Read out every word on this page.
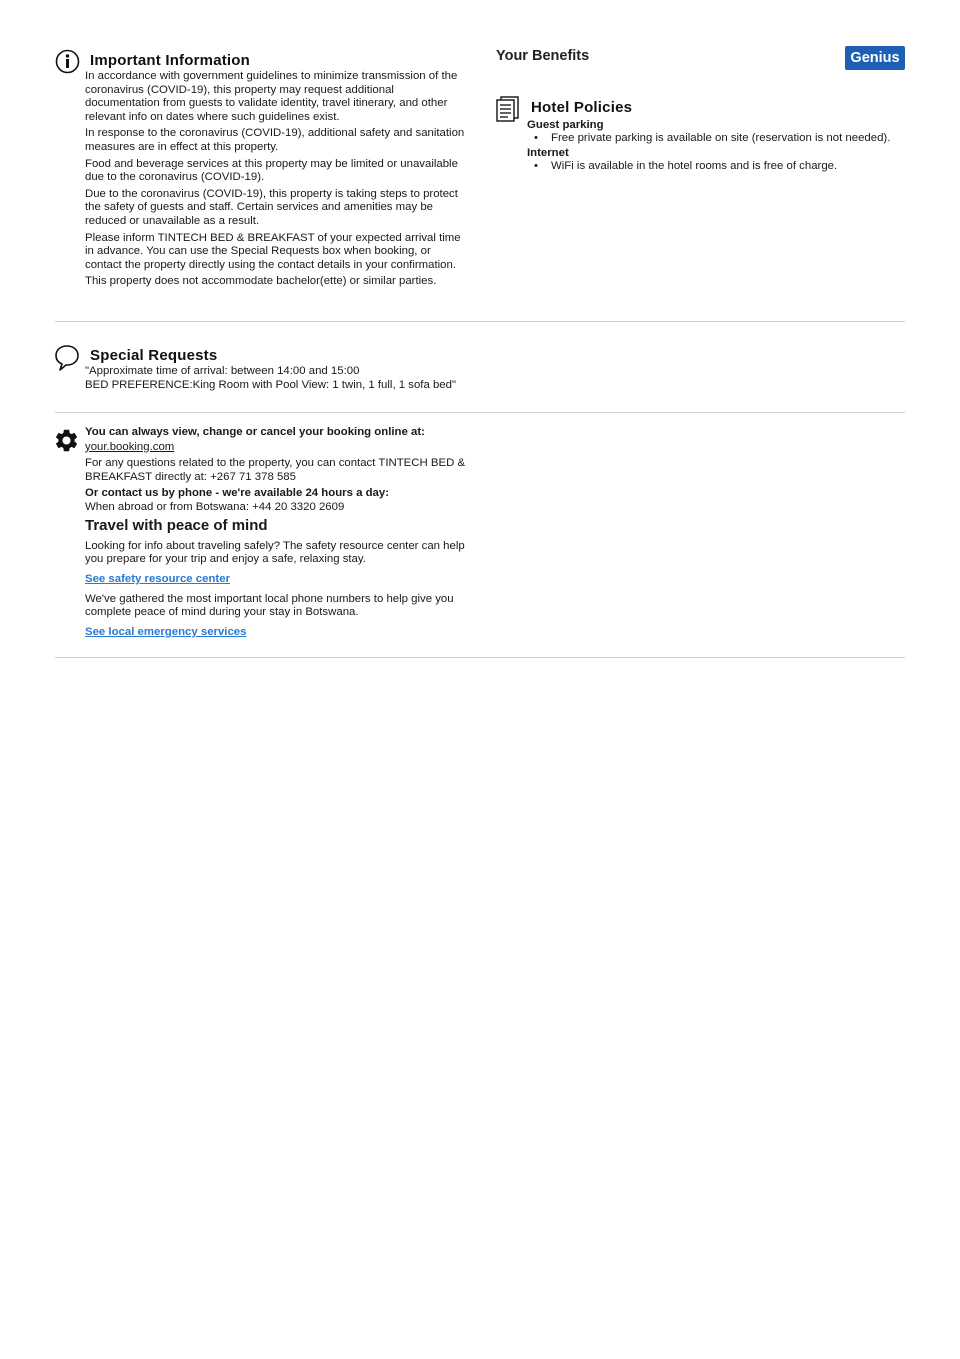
Important Information

In accordance with government guidelines to minimize transmission of the coronavirus (COVID-19), this property may request additional documentation from guests to validate identity, travel itinerary, and other relevant info on dates where such guidelines exist.

In response to the coronavirus (COVID-19), additional safety and sanitation measures are in effect at this property.

Food and beverage services at this property may be limited or unavailable due to the coronavirus (COVID-19).

Due to the coronavirus (COVID-19), this property is taking steps to protect the safety of guests and staff. Certain services and amenities may be reduced or unavailable as a result.

Please inform TINTECH BED & BREAKFAST of your expected arrival time in advance. You can use the Special Requests box when booking, or contact the property directly using the contact details in your confirmation.

This property does not accommodate bachelor(ette) or similar parties.

Your Benefits	Genius
Hotel Policies
Guest parking
• Free private parking is available on site (reservation is not needed).
Internet
• WiFi is available in the hotel rooms and is free of charge.
Special Requests

"Approximate time of arrival: between 14:00 and 15:00

BED PREFERENCE:King Room with Pool View: 1 twin, 1 full, 1 sofa bed"

You can always view, change or cancel your booking online at:

your.booking.com

For any questions related to the property, you can contact TINTECH BED & BREAKFAST directly at: +267 71 378 585

Or contact us by phone - we're available 24 hours a day:

When abroad or from Botswana: +44 20 3320 2609

Travel with peace of mind

Looking for info about traveling safely? The safety resource center can help you prepare for your trip and enjoy a safe, relaxing stay.

See safety resource center

We've gathered the most important local phone numbers to help give you complete peace of mind during your stay in Botswana.

See local emergency services
